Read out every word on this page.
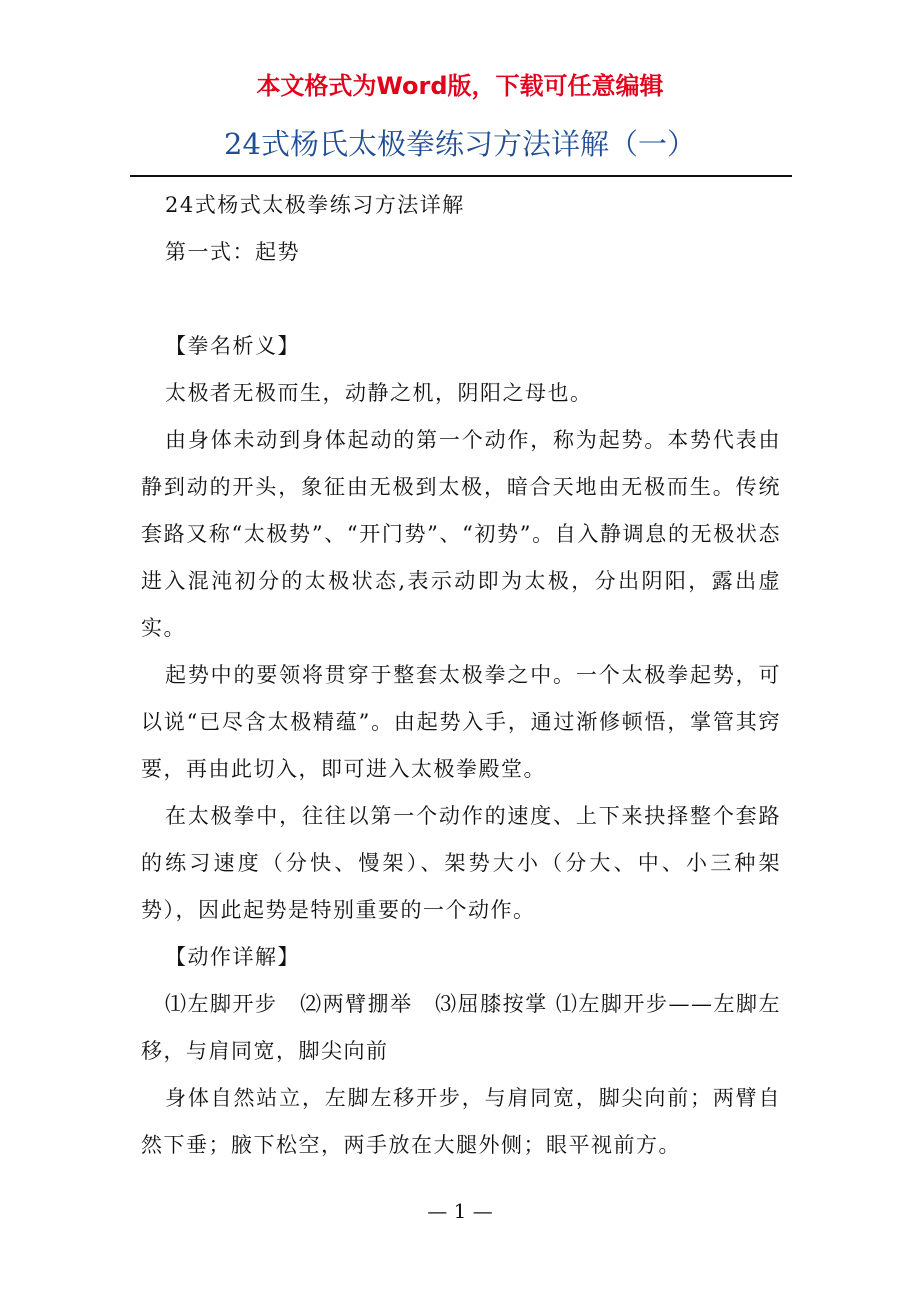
本文格式为Word版，下载可任意编辑
24式杨氏太极拳练习方法详解（一）

24式杨式太极拳练习方法详解

第一式：起势

【拳名析义】

太极者无极而生，动静之机，阴阳之母也。

由身体未动到身体起动的第一个动作，称为起势。本势代表由静到动的开头，象征由无极到太极，暗合天地由无极而生。传统套路又称“太极势”、“开门势”、“初势”。自入静调息的无极状态进入混沌初分的太极状态,表示动即为太极，分出阴阳，露出虚实。

起势中的要领将贯穿于整套太极拳之中。一个太极拳起势，可以说“已尽含太极精蕴”。由起势入手，通过渐修顿悟，掌管其窍要，再由此切入，即可进入太极拳殿堂。

在太极拳中，往往以第一个动作的速度、上下来抉择整个套路的练习速度（分快、慢架）、架势大小（分大、中、小三种架势），因此起势是特别重要的一个动作。

【动作详解】

⑴左脚开步　⑵两臂掤举　⑶屈膝按掌 ⑴左脚开步——左脚左移，与肩同宽，脚尖向前

身体自然站立，左脚左移开步，与肩同宽，脚尖向前；两臂自然下垂；腋下松空，两手放在大腿外侧；眼平视前方。

— 1 —
